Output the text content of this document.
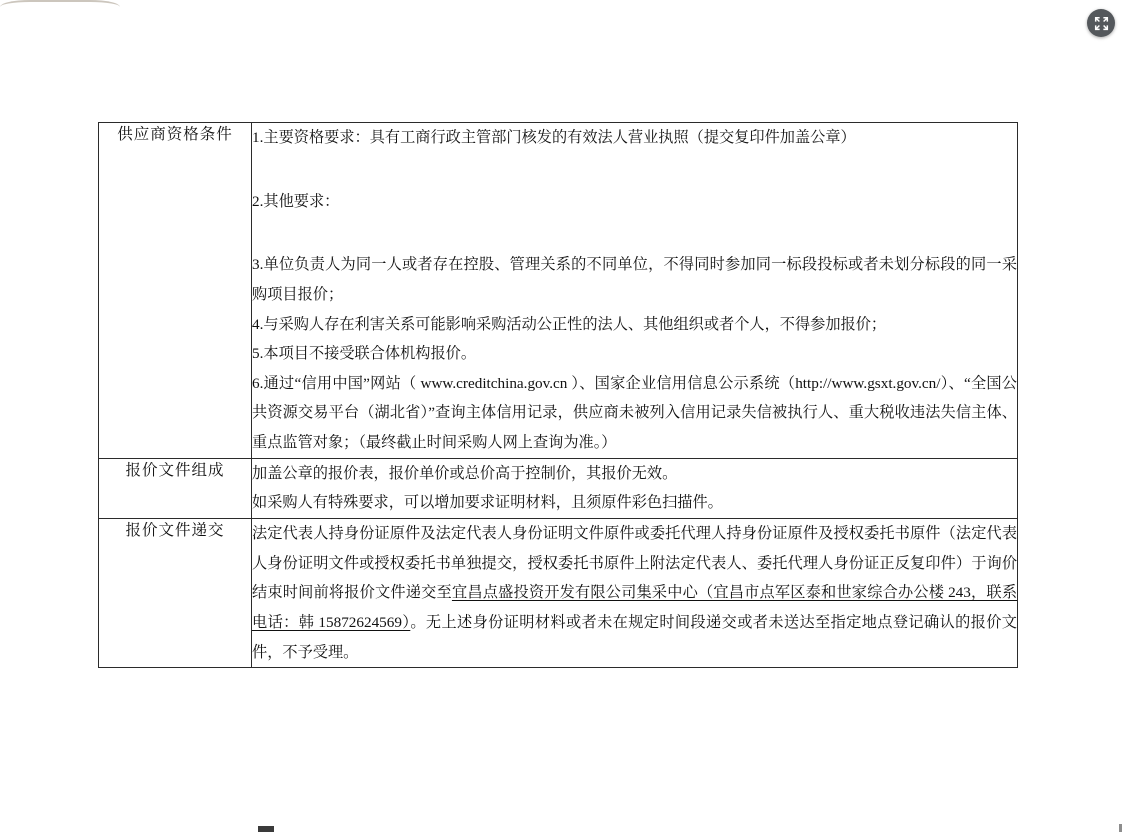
供应商资格条件	1.主要资格要求：具有工商行政主管部门核发的有效法人营业执照（提交复印件加盖公章）

2.其他要求：

3.单位负责人为同一人或者存在控股、管理关系的不同单位，不得同时参加同一标段投标或者未划分标段的同一采购项目报价；

4.与采购人存在利害关系可能影响采购活动公正性的法人、其他组织或者个人，不得参加报价；

5.本项目不接受联合体机构报价。

6.通过“信用中国”网站（ www.creditchina.gov.cn ）、国家企业信用信息公示系统（http://www.gsxt.gov.cn/）、“全国公共资源交易平台（湖北省）”查询主体信用记录，供应商未被列入信用记录失信被执行人、重大税收违法失信主体、重点监管对象；（最终截止时间采购人网上查询为准。）

报价文件组成	加盖公章的报价表，报价单价或总价高于控制价，其报价无效。

如采购人有特殊要求，可以增加要求证明材料，且须原件彩色扫描件。

报价文件递交	法定代表人持身份证原件及法定代表人身份证明文件原件或委托代理人持身份证原件及授权委托书原件（法定代表人身份证明文件或授权委托书单独提交，授权委托书原件上附法定代表人、委托代理人身份证正反复印件）于询价结束时间前将报价文件递交至宜昌点盛投资开发有限公司集采中心（宜昌市点军区泰和世家综合办公楼 243，联系电话：韩 15872624569）。无上述身份证明材料或者未在规定时间段递交或者未送达至指定地点登记确认的报价文件，不予受理。
